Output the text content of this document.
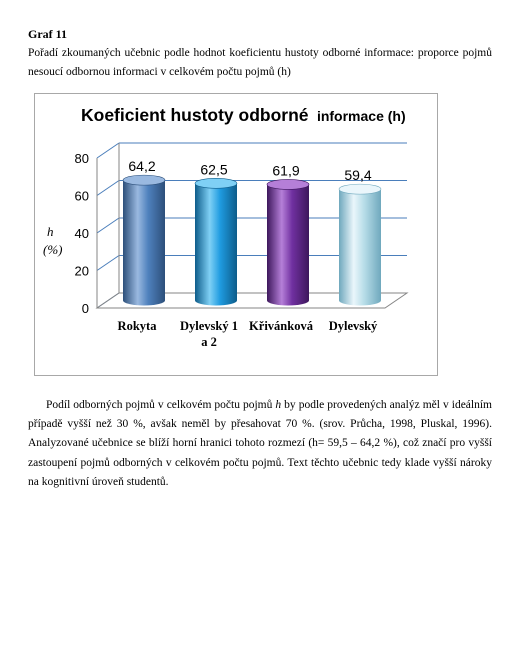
Graf 11

Pořadí zkoumaných učebnic podle hodnot koeficientu hustoty odborné informace: proporce pojmů nesoucí odbornou informaci v celkovém počtu pojmů (h)

Koeficient hustoty odborné informace (h)
h
(%)
0
20
40
60
80	64,2
Rokyta
62,5
Dylevský 1
a 2
61,9
Křivánková
59,4
Dylevský

Podíl odborných pojmů v celkovém počtu pojmů h by podle provedených analýz měl v ideálním případě vyšší než 30 %, avšak neměl by přesahovat 70 %. (srov. Průcha, 1998, Pluskal, 1996). Analyzované učebnice se blíží horní hranici tohoto rozmezí (h= 59,5 – 64,2 %), což značí pro vyšší zastoupení pojmů odborných v celkovém počtu pojmů. Text těchto učebnic tedy klade vyšší nároky na kognitivní úroveň studentů.
